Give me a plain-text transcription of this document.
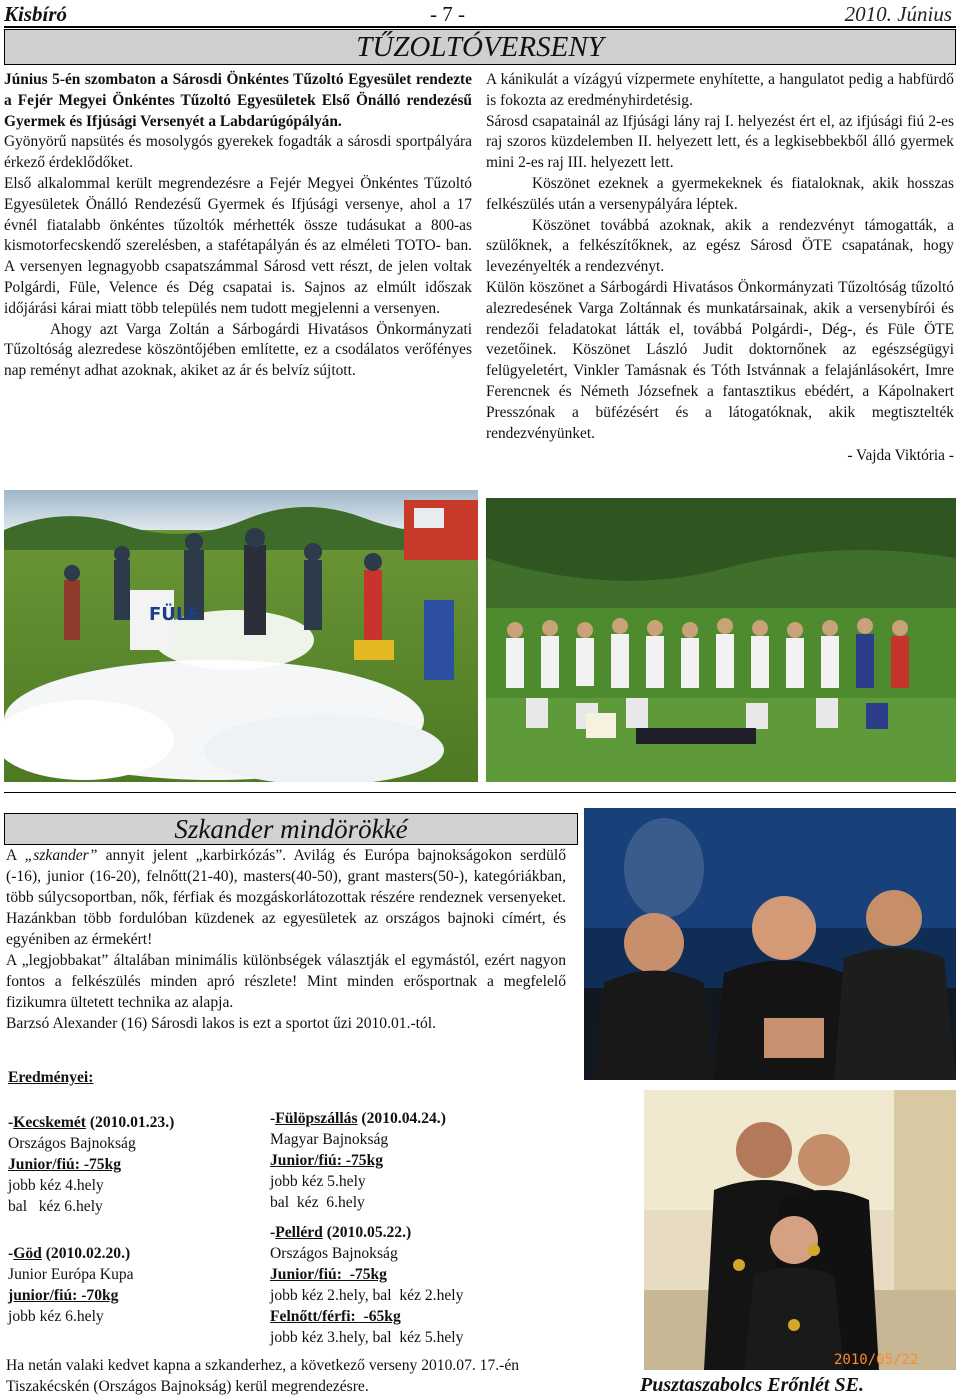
Kisbíró	- 7 -	2010. Június
TŰZOLTÓVERSENY

Június 5-én szombaton a Sárosdi Önkéntes Tűzoltó Egyesület rendezte a Fejér Megyei Önkéntes Tűzoltó Egyesületek Első Önálló rendezésű Gyermek és Ifjúsági Versenyét a Labdarúgópályán.

Gyönyörű napsütés és mosolygós gyerekek fogadták a sárosdi sportpályára érkező érdeklődőket.

Első alkalommal került megrendezésre a Fejér Megyei Önkéntes Tűzoltó Egyesületek Önálló Rendezésű Gyermek és Ifjúsági versenye, ahol a 17 évnél fiatalabb önkéntes tűzoltók mérhették össze tudásukat a 800-as kismotorfecskendő szerelésben, a stafétapályán és az elméleti TOTO- ban. A versenyen legnagyobb csapatszámmal Sárosd vett részt, de jelen voltak Polgárdi, Füle, Velence és Dég csapatai is. Sajnos az elmúlt időszak időjárási kárai miatt több település nem tudott megjelenni a versenyen.

Ahogy azt Varga Zoltán a Sárbogárdi Hivatásos Önkormányzati Tűzoltóság alezredese köszöntőjében említette, ez a csodálatos verőfényes nap reményt adhat azoknak, akiket az ár és belvíz sújtott.

A kánikulát a vízágyú vízpermete enyhítette, a hangulatot pedig a habfürdő is fokozta az eredményhirdetésig.

Sárosd csapatainál az Ifjúsági lány raj I. helyezést ért el, az ifjúsági fiú 2-es raj szoros küzdelemben II. helyezett lett, és a legkisebbekből álló gyermek mini 2-es raj III. helyezett lett.

Köszönet ezeknek a gyermekeknek és fiataloknak, akik hosszas felkészülés után a versenypályára léptek.

Köszönet továbbá azoknak, akik a rendezvényt támogatták, a szülőknek, a felkészítőknek, az egész Sárosd ÖTE csapatának, hogy levezényelték a rendezvényt.

Külön köszönet a Sárbogárdi Hivatásos Önkormányzati Tűzoltóság tűzoltó alezredesének Varga Zoltánnak és munkatársainak, akik a versenybírói és rendezői feladatokat látták el, továbbá Polgárdi-, Dég-, és Füle ÖTE vezetőinek. Köszönet László Judit doktornőnek az egészségügyi felügyeletért, Vinkler Tamásnak és Tóth Istvánnak a felajánlásokért, Imre Ferencnek és Németh Józsefnek a fantasztikus ebédért, a Kápolnakert Presszónak a büfézésért és a látogatóknak, akik megtisztelték rendezvényünket.

- Vajda Viktória -

FÜLE
Szkander mindörökké

A „szkander” annyit jelent „karbirkózás”. Avilág és Európa bajnokságokon serdülő (-16), junior (16-20), felnőtt(21-40), masters(40-50), grant masters(50-), kategóriákban, több súlycsoportban, nők, férfiak és mozgáskorlátozottak részére rendeznek versenyeket. Hazánkban több fordulóban küzdenek az egyesületek az országos bajnoki címért, és egyéniben az érmekért!

A „legjobbakat” általában minimális különbségek választják el egymástól, ezért nagyon fontos a felkészülés minden apró részlete! Mint minden erősportnak a megfelelő fizikumra ültetett technika az alapja.

Barzsó Alexander (16) Sárosdi lakos is ezt a sportot űzi 2010.01.-tól.

Eredményei:
-Kecskemét (2010.01.23.)
Országos Bajnokság
Junior/fiú: -75kg
jobb kéz 4.hely
bal   kéz 6.hely
-Göd (2010.02.20.)
Junior Európa Kupa
junior/fiú: -70kg
jobb kéz 6.hely
-Fülöpszállás (2010.04.24.)
Magyar Bajnokság
Junior/fiú: -75kg
jobb kéz 5.hely
bal  kéz  6.hely
-Pellérd (2010.05.22.)
Országos Bajnokság
Junior/fiú:  -75kg
jobb kéz 2.hely, bal  kéz 2.hely
Felnőtt/férfi:  -65kg
jobb kéz 3.hely, bal  kéz 5.hely
Ha netán valaki kedvet kapna a szkanderhez, a következő verseny 2010.07. 17.-én Tiszakécskén (Országos Bajnokság) kerül megrendezésre.
2010/05/22
Pusztaszabolcs Erőnlét SE.
